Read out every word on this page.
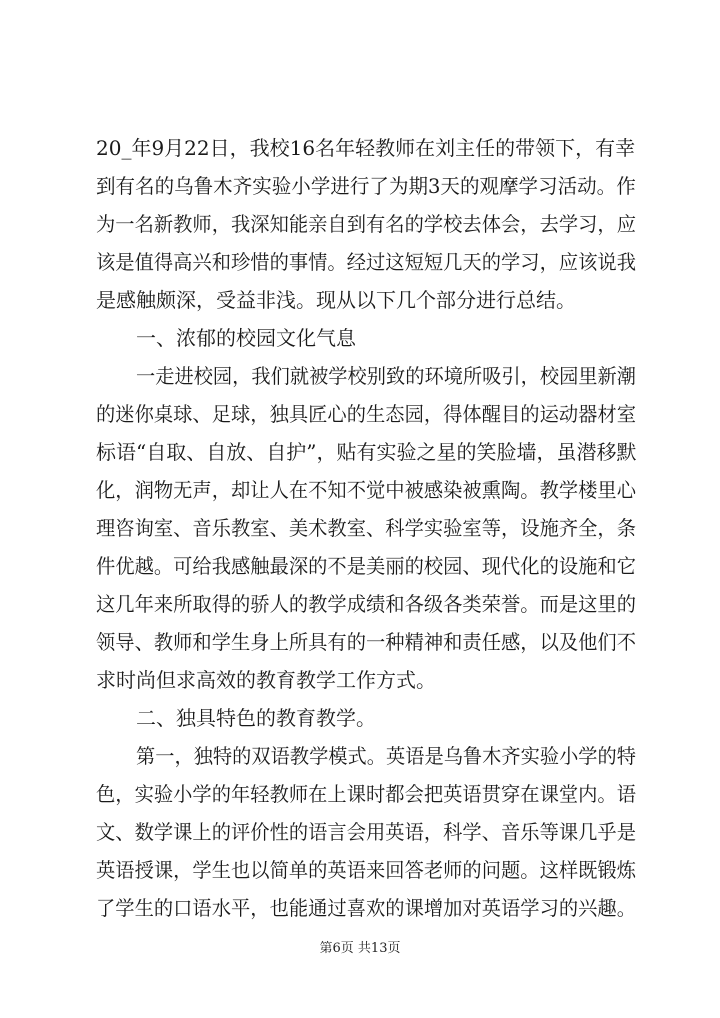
20_年9月22日，我校16名年轻教师在刘主任的带领下，有幸
到有名的乌鲁木齐实验小学进行了为期3天的观摩学习活动。作
为一名新教师，我深知能亲自到有名的学校去体会，去学习，应
该是值得高兴和珍惜的事情。经过这短短几天的学习，应该说我
是感触颇深，受益非浅。现从以下几个部分进行总结。
一、浓郁的校园文化气息
一走进校园，我们就被学校别致的环境所吸引，校园里新潮
的迷你桌球、足球，独具匠心的生态园，得体醒目的运动器材室
标语“自取、自放、自护”，贴有实验之星的笑脸墙，虽潜移默
化，润物无声，却让人在不知不觉中被感染被熏陶。教学楼里心
理咨询室、音乐教室、美术教室、科学实验室等，设施齐全，条
件优越。可给我感触最深的不是美丽的校园、现代化的设施和它
这几年来所取得的骄人的教学成绩和各级各类荣誉。而是这里的
领导、教师和学生身上所具有的一种精神和责任感，以及他们不
求时尚但求高效的教育教学工作方式。
二、独具特色的教育教学。
第一，独特的双语教学模式。英语是乌鲁木齐实验小学的特
色，实验小学的年轻教师在上课时都会把英语贯穿在课堂内。语
文、数学课上的评价性的语言会用英语，科学、音乐等课几乎是
英语授课，学生也以简单的英语来回答老师的问题。这样既锻炼
了学生的口语水平，也能通过喜欢的课增加对英语学习的兴趣。
第6页 共13页
